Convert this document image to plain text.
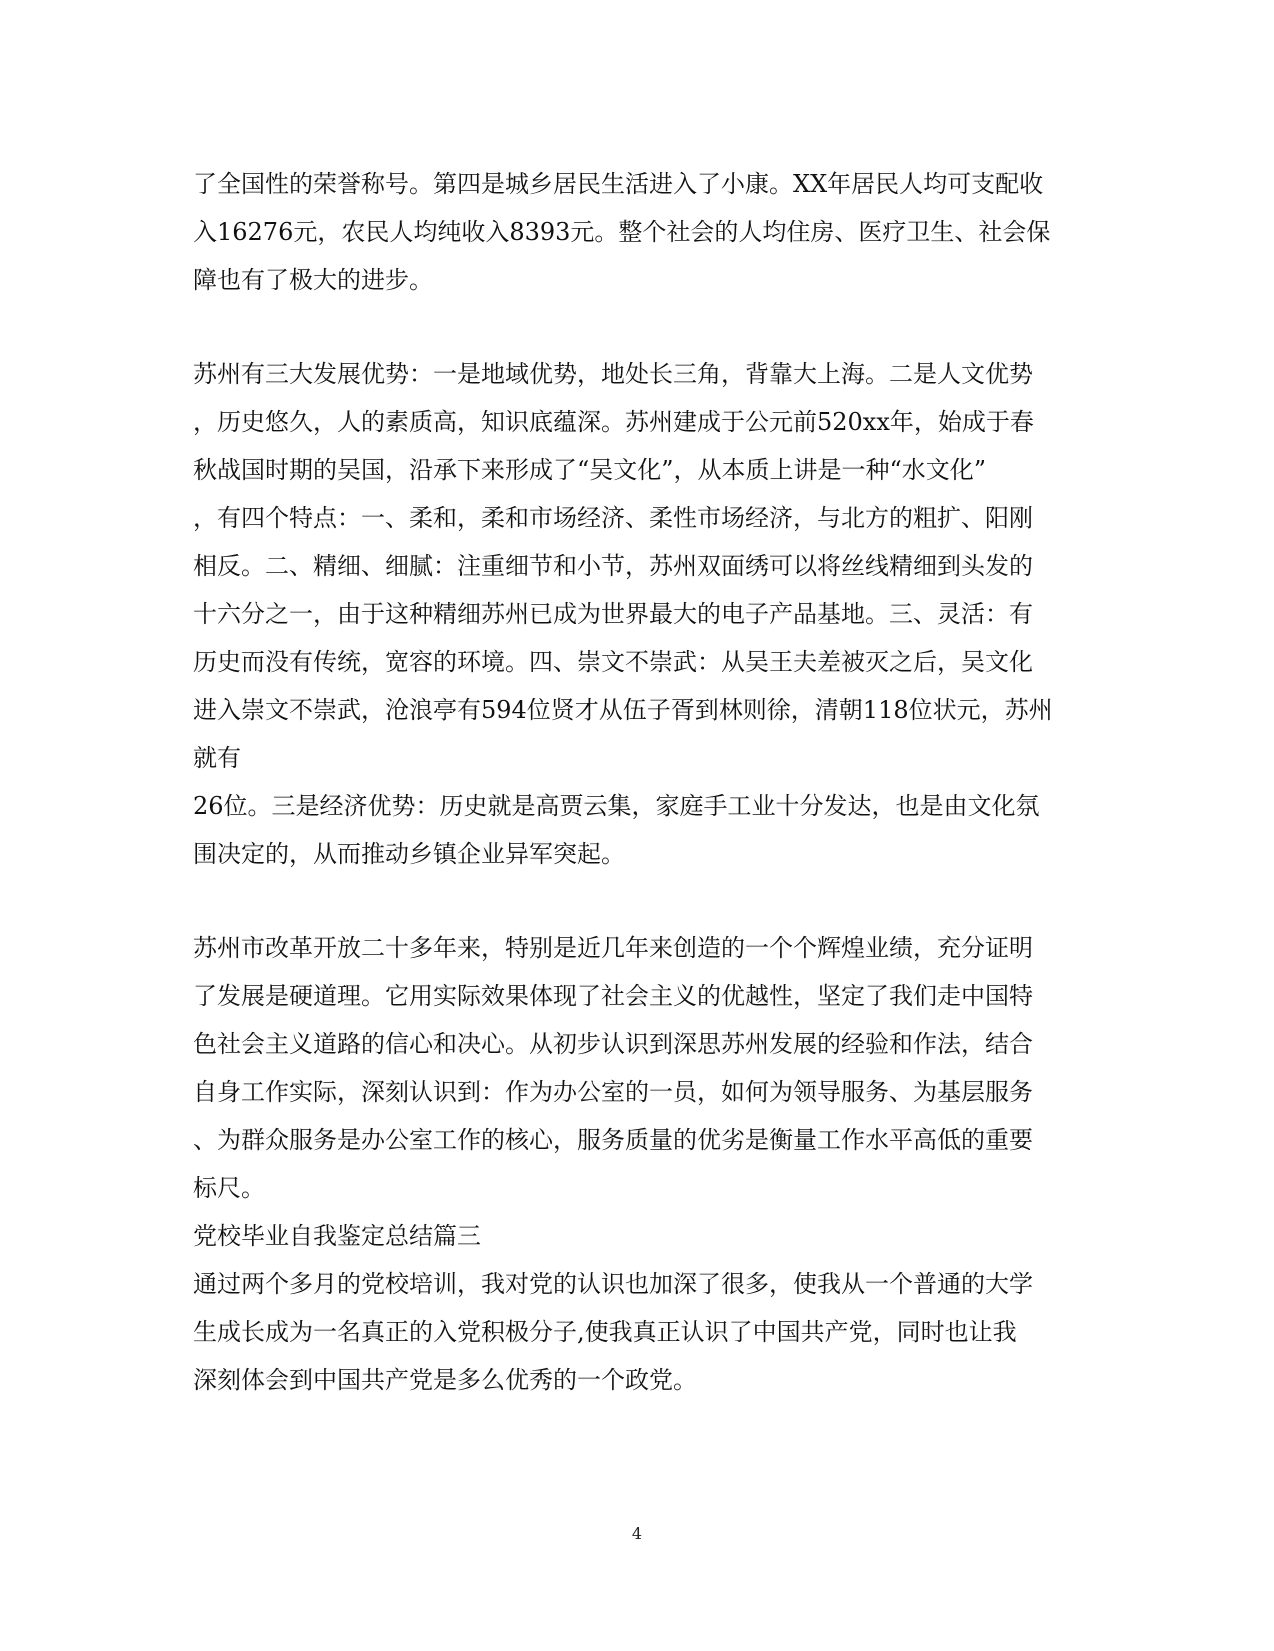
了全国性的荣誉称号。第四是城乡居民生活进入了小康。XX年居民人均可支配收
入16276元，农民人均纯收入8393元。整个社会的人均住房、医疗卫生、社会保
障也有了极大的进步。
苏州有三大发展优势：一是地域优势，地处长三角，背靠大上海。二是人文优势
，历史悠久，人的素质高，知识底蕴深。苏州建成于公元前520xx年，始成于春
秋战国时期的吴国，沿承下来形成了“吴文化”，从本质上讲是一种“水文化”
，有四个特点：一、柔和，柔和市场经济、柔性市场经济，与北方的粗扩、阳刚
相反。二、精细、细腻：注重细节和小节，苏州双面绣可以将丝线精细到头发的
十六分之一，由于这种精细苏州已成为世界最大的电子产品基地。三、灵活：有
历史而没有传统，宽容的环境。四、崇文不崇武：从吴王夫差被灭之后，吴文化
进入崇文不崇武，沧浪亭有594位贤才从伍子胥到林则徐，清朝118位状元，苏州
就有
26位。三是经济优势：历史就是高贾云集，家庭手工业十分发达，也是由文化氛
围决定的，从而推动乡镇企业异军突起。
苏州市改革开放二十多年来，特别是近几年来创造的一个个辉煌业绩，充分证明
了发展是硬道理。它用实际效果体现了社会主义的优越性，坚定了我们走中国特
色社会主义道路的信心和决心。从初步认识到深思苏州发展的经验和作法，结合
自身工作实际，深刻认识到：作为办公室的一员，如何为领导服务、为基层服务
、为群众服务是办公室工作的核心，服务质量的优劣是衡量工作水平高低的重要
标尺。
党校毕业自我鉴定总结篇三
通过两个多月的党校培训，我对党的认识也加深了很多，使我从一个普通的大学
生成长成为一名真正的入党积极分子,使我真正认识了中国共产党，同时也让我
深刻体会到中国共产党是多么优秀的一个政党。
4
